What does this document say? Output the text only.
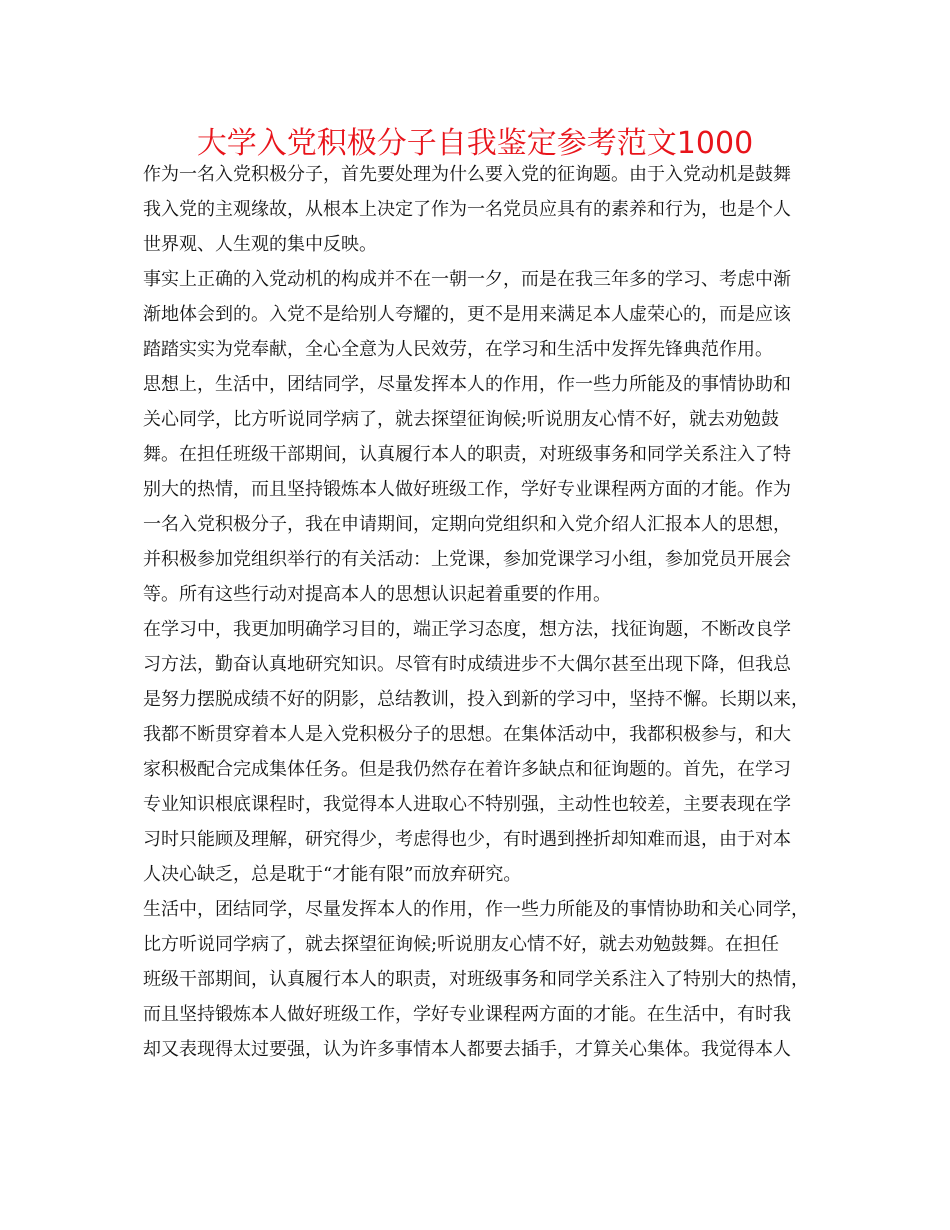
大学入党积极分子自我鉴定参考范文1000
作为一名入党积极分子，首先要处理为什么要入党的征询题。由于入党动机是鼓舞
我入党的主观缘故，从根本上决定了作为一名党员应具有的素养和行为，也是个人
世界观、人生观的集中反映。
事实上正确的入党动机的构成并不在一朝一夕，而是在我三年多的学习、考虑中渐
渐地体会到的。入党不是给别人夸耀的，更不是用来满足本人虚荣心的，而是应该
踏踏实实为党奉献，全心全意为人民效劳，在学习和生活中发挥先锋典范作用。
思想上，生活中，团结同学，尽量发挥本人的作用，作一些力所能及的事情协助和
关心同学，比方听说同学病了，就去探望征询候;听说朋友心情不好，就去劝勉鼓
舞。在担任班级干部期间，认真履行本人的职责，对班级事务和同学关系注入了特
别大的热情，而且坚持锻炼本人做好班级工作，学好专业课程两方面的才能。作为
一名入党积极分子，我在申请期间，定期向党组织和入党介绍人汇报本人的思想，
并积极参加党组织举行的有关活动：上党课，参加党课学习小组，参加党员开展会
等。所有这些行动对提高本人的思想认识起着重要的作用。
在学习中，我更加明确学习目的，端正学习态度，想方法，找征询题，不断改良学
习方法，勤奋认真地研究知识。尽管有时成绩进步不大偶尔甚至出现下降，但我总
是努力摆脱成绩不好的阴影，总结教训，投入到新的学习中，坚持不懈。长期以来，
我都不断贯穿着本人是入党积极分子的思想。在集体活动中，我都积极参与，和大
家积极配合完成集体任务。但是我仍然存在着许多缺点和征询题的。首先，在学习
专业知识根底课程时，我觉得本人进取心不特别强，主动性也较差，主要表现在学
习时只能顾及理解，研究得少，考虑得也少，有时遇到挫折却知难而退，由于对本
人决心缺乏，总是耽于“才能有限”而放弃研究。
生活中，团结同学，尽量发挥本人的作用，作一些力所能及的事情协助和关心同学，
比方听说同学病了，就去探望征询候;听说朋友心情不好，就去劝勉鼓舞。在担任
班级干部期间，认真履行本人的职责，对班级事务和同学关系注入了特别大的热情，
而且坚持锻炼本人做好班级工作，学好专业课程两方面的才能。在生活中，有时我
却又表现得太过要强，认为许多事情本人都要去插手，才算关心集体。我觉得本人
